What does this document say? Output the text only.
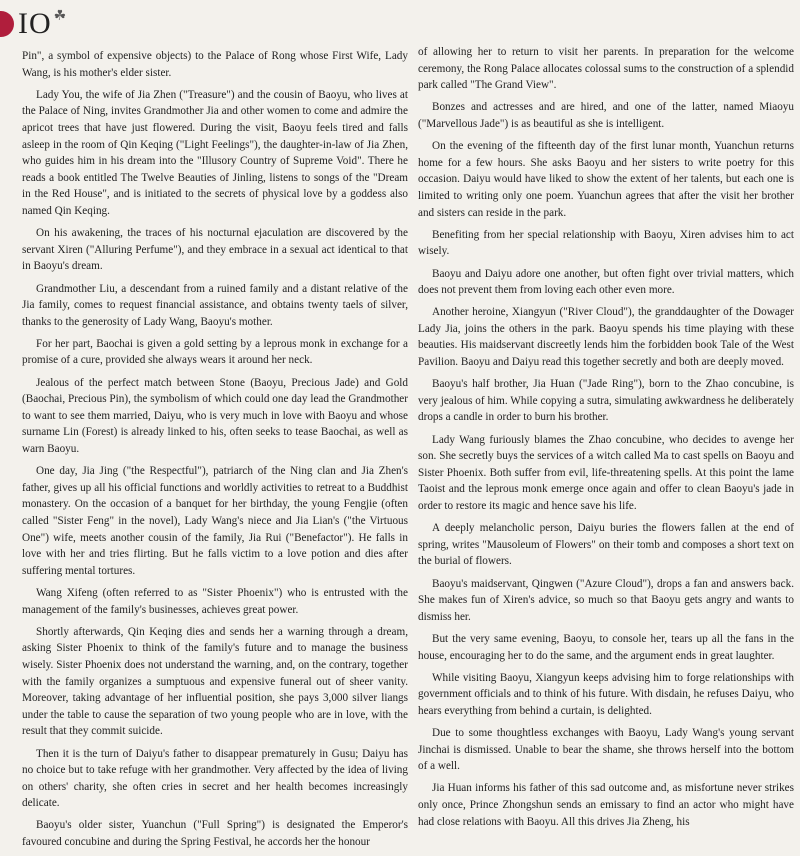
IO ☘

Pin", a symbol of expensive objects) to the Palace of Rong whose First Wife, Lady Wang, is his mother's elder sister.

Lady You, the wife of Jia Zhen ("Treasure") and the cousin of Baoyu, who lives at the Palace of Ning, invites Grandmother Jia and other women to come and admire the apricot trees that have just flowered. During the visit, Baoyu feels tired and falls asleep in the room of Qin Keqing ("Light Feelings"), the daughter-in-law of Jia Zhen, who guides him in his dream into the "Illusory Country of Supreme Void". There he reads a book entitled The Twelve Beauties of Jinling, listens to songs of the "Dream in the Red House", and is initiated to the secrets of physical love by a goddess also named Qin Keqing.

On his awakening, the traces of his nocturnal ejaculation are discovered by the servant Xiren ("Alluring Perfume"), and they embrace in a sexual act identical to that in Baoyu's dream.

Grandmother Liu, a descendant from a ruined family and a distant relative of the Jia family, comes to request financial assistance, and obtains twenty taels of silver, thanks to the generosity of Lady Wang, Baoyu's mother.

For her part, Baochai is given a gold setting by a leprous monk in exchange for a promise of a cure, provided she always wears it around her neck.

Jealous of the perfect match between Stone (Baoyu, Precious Jade) and Gold (Baochai, Precious Pin), the symbolism of which could one day lead the Grandmother to want to see them married, Daiyu, who is very much in love with Baoyu and whose surname Lin (Forest) is already linked to his, often seeks to tease Baochai, as well as warn Baoyu.

One day, Jia Jing ("the Respectful"), patriarch of the Ning clan and Jia Zhen's father, gives up all his official functions and worldly activities to retreat to a Buddhist monastery. On the occasion of a banquet for her birthday, the young Fengjie (often called "Sister Feng" in the novel), Lady Wang's niece and Jia Lian's ("the Virtuous One") wife, meets another cousin of the family, Jia Rui ("Benefactor"). He falls in love with her and tries flirting. But he falls victim to a love potion and dies after suffering mental tortures.

Wang Xifeng (often referred to as "Sister Phoenix") who is entrusted with the management of the family's businesses, achieves great power.

Shortly afterwards, Qin Keqing dies and sends her a warning through a dream, asking Sister Phoenix to think of the family's future and to manage the business wisely. Sister Phoenix does not understand the warning, and, on the contrary, together with the family organizes a sumptuous and expensive funeral out of sheer vanity. Moreover, taking advantage of her influential position, she pays 3,000 silver liangs under the table to cause the separation of two young people who are in love, with the result that they commit suicide.

Then it is the turn of Daiyu's father to disappear prematurely in Gusu; Daiyu has no choice but to take refuge with her grandmother. Very affected by the idea of living on others' charity, she often cries in secret and her health becomes increasingly delicate.

Baoyu's older sister, Yuanchun ("Full Spring") is designated the Emperor's favoured concubine and during the Spring Festival, he accords her the honour

of allowing her to return to visit her parents. In preparation for the welcome ceremony, the Rong Palace allocates colossal sums to the construction of a splendid park called "The Grand View".

Bonzes and actresses and are hired, and one of the latter, named Miaoyu ("Marvellous Jade") is as beautiful as she is intelligent.

On the evening of the fifteenth day of the first lunar month, Yuanchun returns home for a few hours. She asks Baoyu and her sisters to write poetry for this occasion. Daiyu would have liked to show the extent of her talents, but each one is limited to writing only one poem. Yuanchun agrees that after the visit her brother and sisters can reside in the park.

Benefiting from her special relationship with Baoyu, Xiren advises him to act wisely.

Baoyu and Daiyu adore one another, but often fight over trivial matters, which does not prevent them from loving each other even more.

Another heroine, Xiangyun ("River Cloud"), the granddaughter of the Dowager Lady Jia, joins the others in the park. Baoyu spends his time playing with these beauties. His maidservant discreetly lends him the forbidden book Tale of the West Pavilion. Baoyu and Daiyu read this together secretly and both are deeply moved.

Baoyu's half brother, Jia Huan ("Jade Ring"), born to the Zhao concubine, is very jealous of him. While copying a sutra, simulating awkwardness he deliberately drops a candle in order to burn his brother.

Lady Wang furiously blames the Zhao concubine, who decides to avenge her son. She secretly buys the services of a witch called Ma to cast spells on Baoyu and Sister Phoenix. Both suffer from evil, life-threatening spells. At this point the lame Taoist and the leprous monk emerge once again and offer to clean Baoyu's jade in order to restore its magic and hence save his life.

A deeply melancholic person, Daiyu buries the flowers fallen at the end of spring, writes "Mausoleum of Flowers" on their tomb and composes a short text on the burial of flowers.

Baoyu's maidservant, Qingwen ("Azure Cloud"), drops a fan and answers back. She makes fun of Xiren's advice, so much so that Baoyu gets angry and wants to dismiss her.

But the very same evening, Baoyu, to console her, tears up all the fans in the house, encouraging her to do the same, and the argument ends in great laughter.

While visiting Baoyu, Xiangyun keeps advising him to forge relationships with government officials and to think of his future. With disdain, he refuses Daiyu, who hears everything from behind a curtain, is delighted.

Due to some thoughtless exchanges with Baoyu, Lady Wang's young servant Jinchai is dismissed. Unable to bear the shame, she throws herself into the bottom of a well.

Jia Huan informs his father of this sad outcome and, as misfortune never strikes only once, Prince Zhongshun sends an emissary to find an actor who might have had close relations with Baoyu. All this drives Jia Zheng, his
